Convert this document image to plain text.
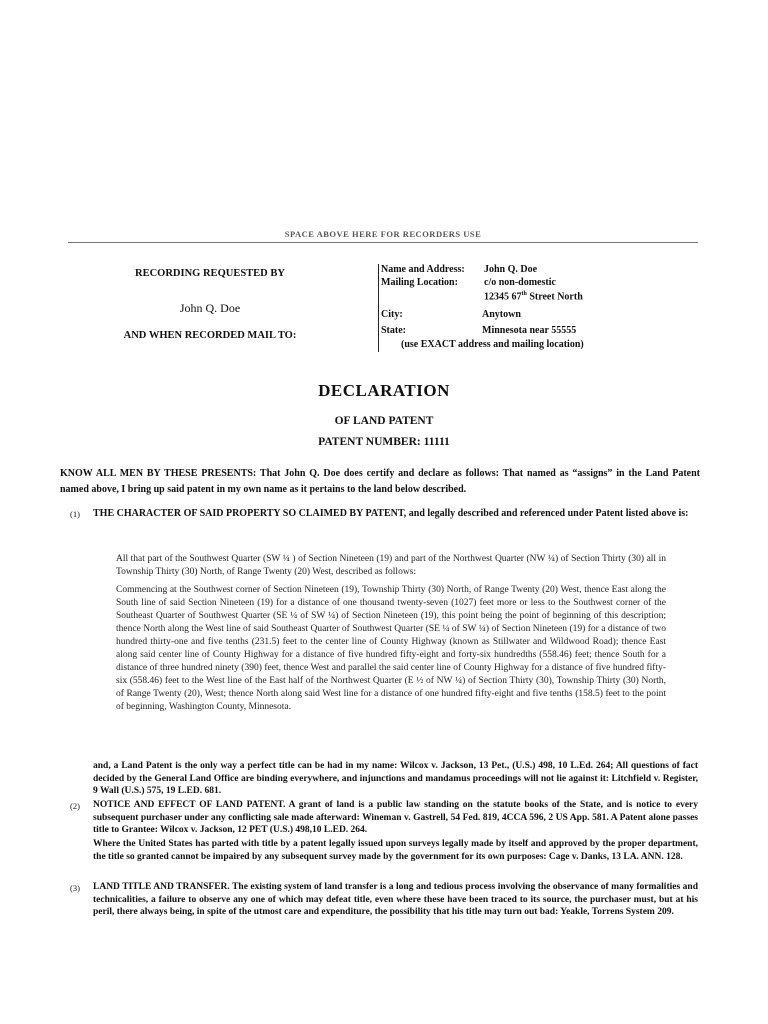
SPACE ABOVE HERE FOR RECORDERS USE
RECORDING REQUESTED BY
John Q. Doe
AND WHEN RECORDED MAIL TO:
Name and Address: John Q. Doe
Mailing Location:	c/o non-domestic
12345 67th Street North
City:	Anytown
State:	Minnesota near 55555
(use EXACT address and mailing location)
DECLARATION
OF LAND PATENT
PATENT NUMBER: 11111
KNOW ALL MEN BY THESE PRESENTS: That John Q. Doe does certify and declare as follows: That named as “assigns” in the Land Patent named above, I bring up said patent in my own name as it pertains to the land below described.
(1) THE CHARACTER OF SAID PROPERTY SO CLAIMED BY PATENT, and legally described and referenced under Patent listed above is:
All that part of the Southwest Quarter (SW ¼ ) of Section Nineteen (19) and part of the Northwest Quarter (NW ¼) of Section Thirty (30) all in Township Thirty (30) North, of Range Twenty (20) West, described as follows:
Commencing at the Southwest corner of Section Nineteen (19), Township Thirty (30) North, of Range Twenty (20) West, thence East along the South line of said Section Nineteen (19) for a distance of one thousand twenty-seven (1027) feet more or less to the Southwest corner of the Southeast Quarter of Southwest Quarter (SE ¼ of SW ¼) of Section Nineteen (19), this point being the point of beginning of this description; thence North along the West line of said Southeast Quarter of Southwest Quarter (SE ¼ of SW ¼) of Section Nineteen (19) for a distance of two hundred thirty-one and five tenths (231.5) feet to the center line of County Highway (known as Stillwater and Wildwood Road); thence East along said center line of County Highway for a distance of five hundred fifty-eight and forty-six hundredths (558.46) feet; thence South for a distance of three hundred ninety (390) feet, thence West and parallel the said center line of County Highway for a distance of five hundred fifty-six (558.46) feet to the West line of the East half of the Northwest Quarter (E ½ of NW ¼) of Section Thirty (30), Township Thirty (30) North, of Range Twenty (20), West; thence North along said West line for a distance of one hundred fifty-eight and five tenths (158.5) feet to the point of beginning, Washington County, Minnesota.
and, a Land Patent is the only way a perfect title can be had in my name: Wilcox v. Jackson, 13 Pet., (U.S.) 498, 10 L.Ed. 264; All questions of fact decided by the General Land Office are binding everywhere, and injunctions and mandamus proceedings will not lie against it: Litchfield v. Register, 9 Wall (U.S.) 575, 19 L.ED. 681.
(2) NOTICE AND EFFECT OF LAND PATENT. A grant of land is a public law standing on the statute books of the State, and is notice to every subsequent purchaser under any conflicting sale made afterward: Wineman v. Gastrell, 54 Fed. 819, 4CCA 596, 2 US App. 581. A Patent alone passes title to Grantee: Wilcox v. Jackson, 12 PET (U.S.) 498,10 L.ED. 264.
Where the United States has parted with title by a patent legally issued upon surveys legally made by itself and approved by the proper department, the title so granted cannot be impaired by any subsequent survey made by the government for its own purposes: Cage v. Danks, 13 LA. ANN. 128.
(3) LAND TITLE AND TRANSFER. The existing system of land transfer is a long and tedious process involving the observance of many formalities and technicalities, a failure to observe any one of which may defeat title, even where these have been traced to its source, the purchaser must, but at his peril, there always being, in spite of the utmost care and expenditure, the possibility that his title may turn out bad: Yeakle, Torrens System 209.
